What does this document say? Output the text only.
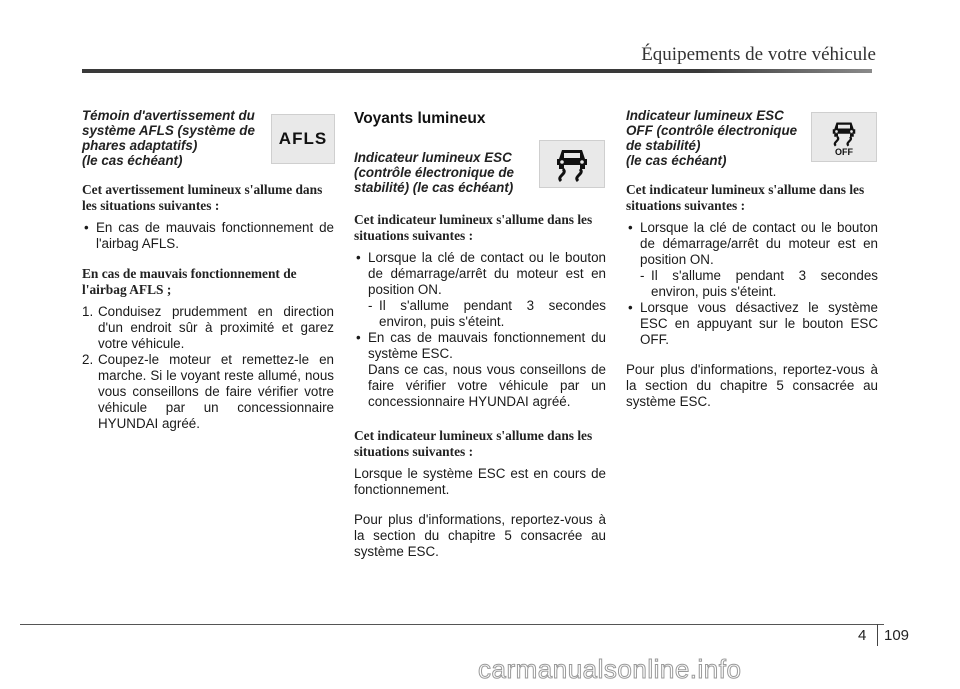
Équipements de votre véhicule
Témoin d'avertissement du
système AFLS (système de
phares adaptatifs)
(le cas échéant)
AFLS

Cet avertissement lumineux s'allume dans les situations suivantes :

• En cas de mauvais fonctionnement de l'airbag AFLS.
En cas de mauvais fonctionnement de
l'airbag AFLS ;
1. Conduisez prudemment en direction d'un endroit sûr à proximité et garez votre véhicule.
2. Coupez-le moteur et remettez-le en marche. Si le voyant reste allumé, nous vous conseillons de faire vérifier votre véhicule par un concessionnaire HYUNDAI agréé.
Voyants lumineux
Indicateur lumineux ESC
(contrôle électronique de
stabilité) (le cas échéant)

Cet indicateur lumineux s'allume dans les situations suivantes :

• Lorsque la clé de contact ou le bouton de démarrage/arrêt du moteur est en position ON.
- Il s'allume pendant 3 secondes environ, puis s'éteint.
• En cas de mauvais fonctionnement du système ESC.
Dans ce cas, nous vous conseillons de faire vérifier votre véhicule par un concessionnaire HYUNDAI agréé.

Cet indicateur lumineux s'allume dans les situations suivantes :

Lorsque le système ESC est en cours de fonctionnement.

Pour plus d'informations, reportez-vous à la section du chapitre 5 consacrée au système ESC.

Indicateur lumineux ESC
OFF (contrôle électronique
de stabilité)
(le cas échéant)
OFF

Cet indicateur lumineux s'allume dans les situations suivantes :

• Lorsque la clé de contact ou le bouton de démarrage/arrêt du moteur est en position ON.
- Il s'allume pendant 3 secondes environ, puis s'éteint.
• Lorsque vous désactivez le système ESC en appuyant sur le bouton ESC OFF.

Pour plus d'informations, reportez-vous à la section du chapitre 5 consacrée au système ESC.

4 109
carmanualsonline.info
